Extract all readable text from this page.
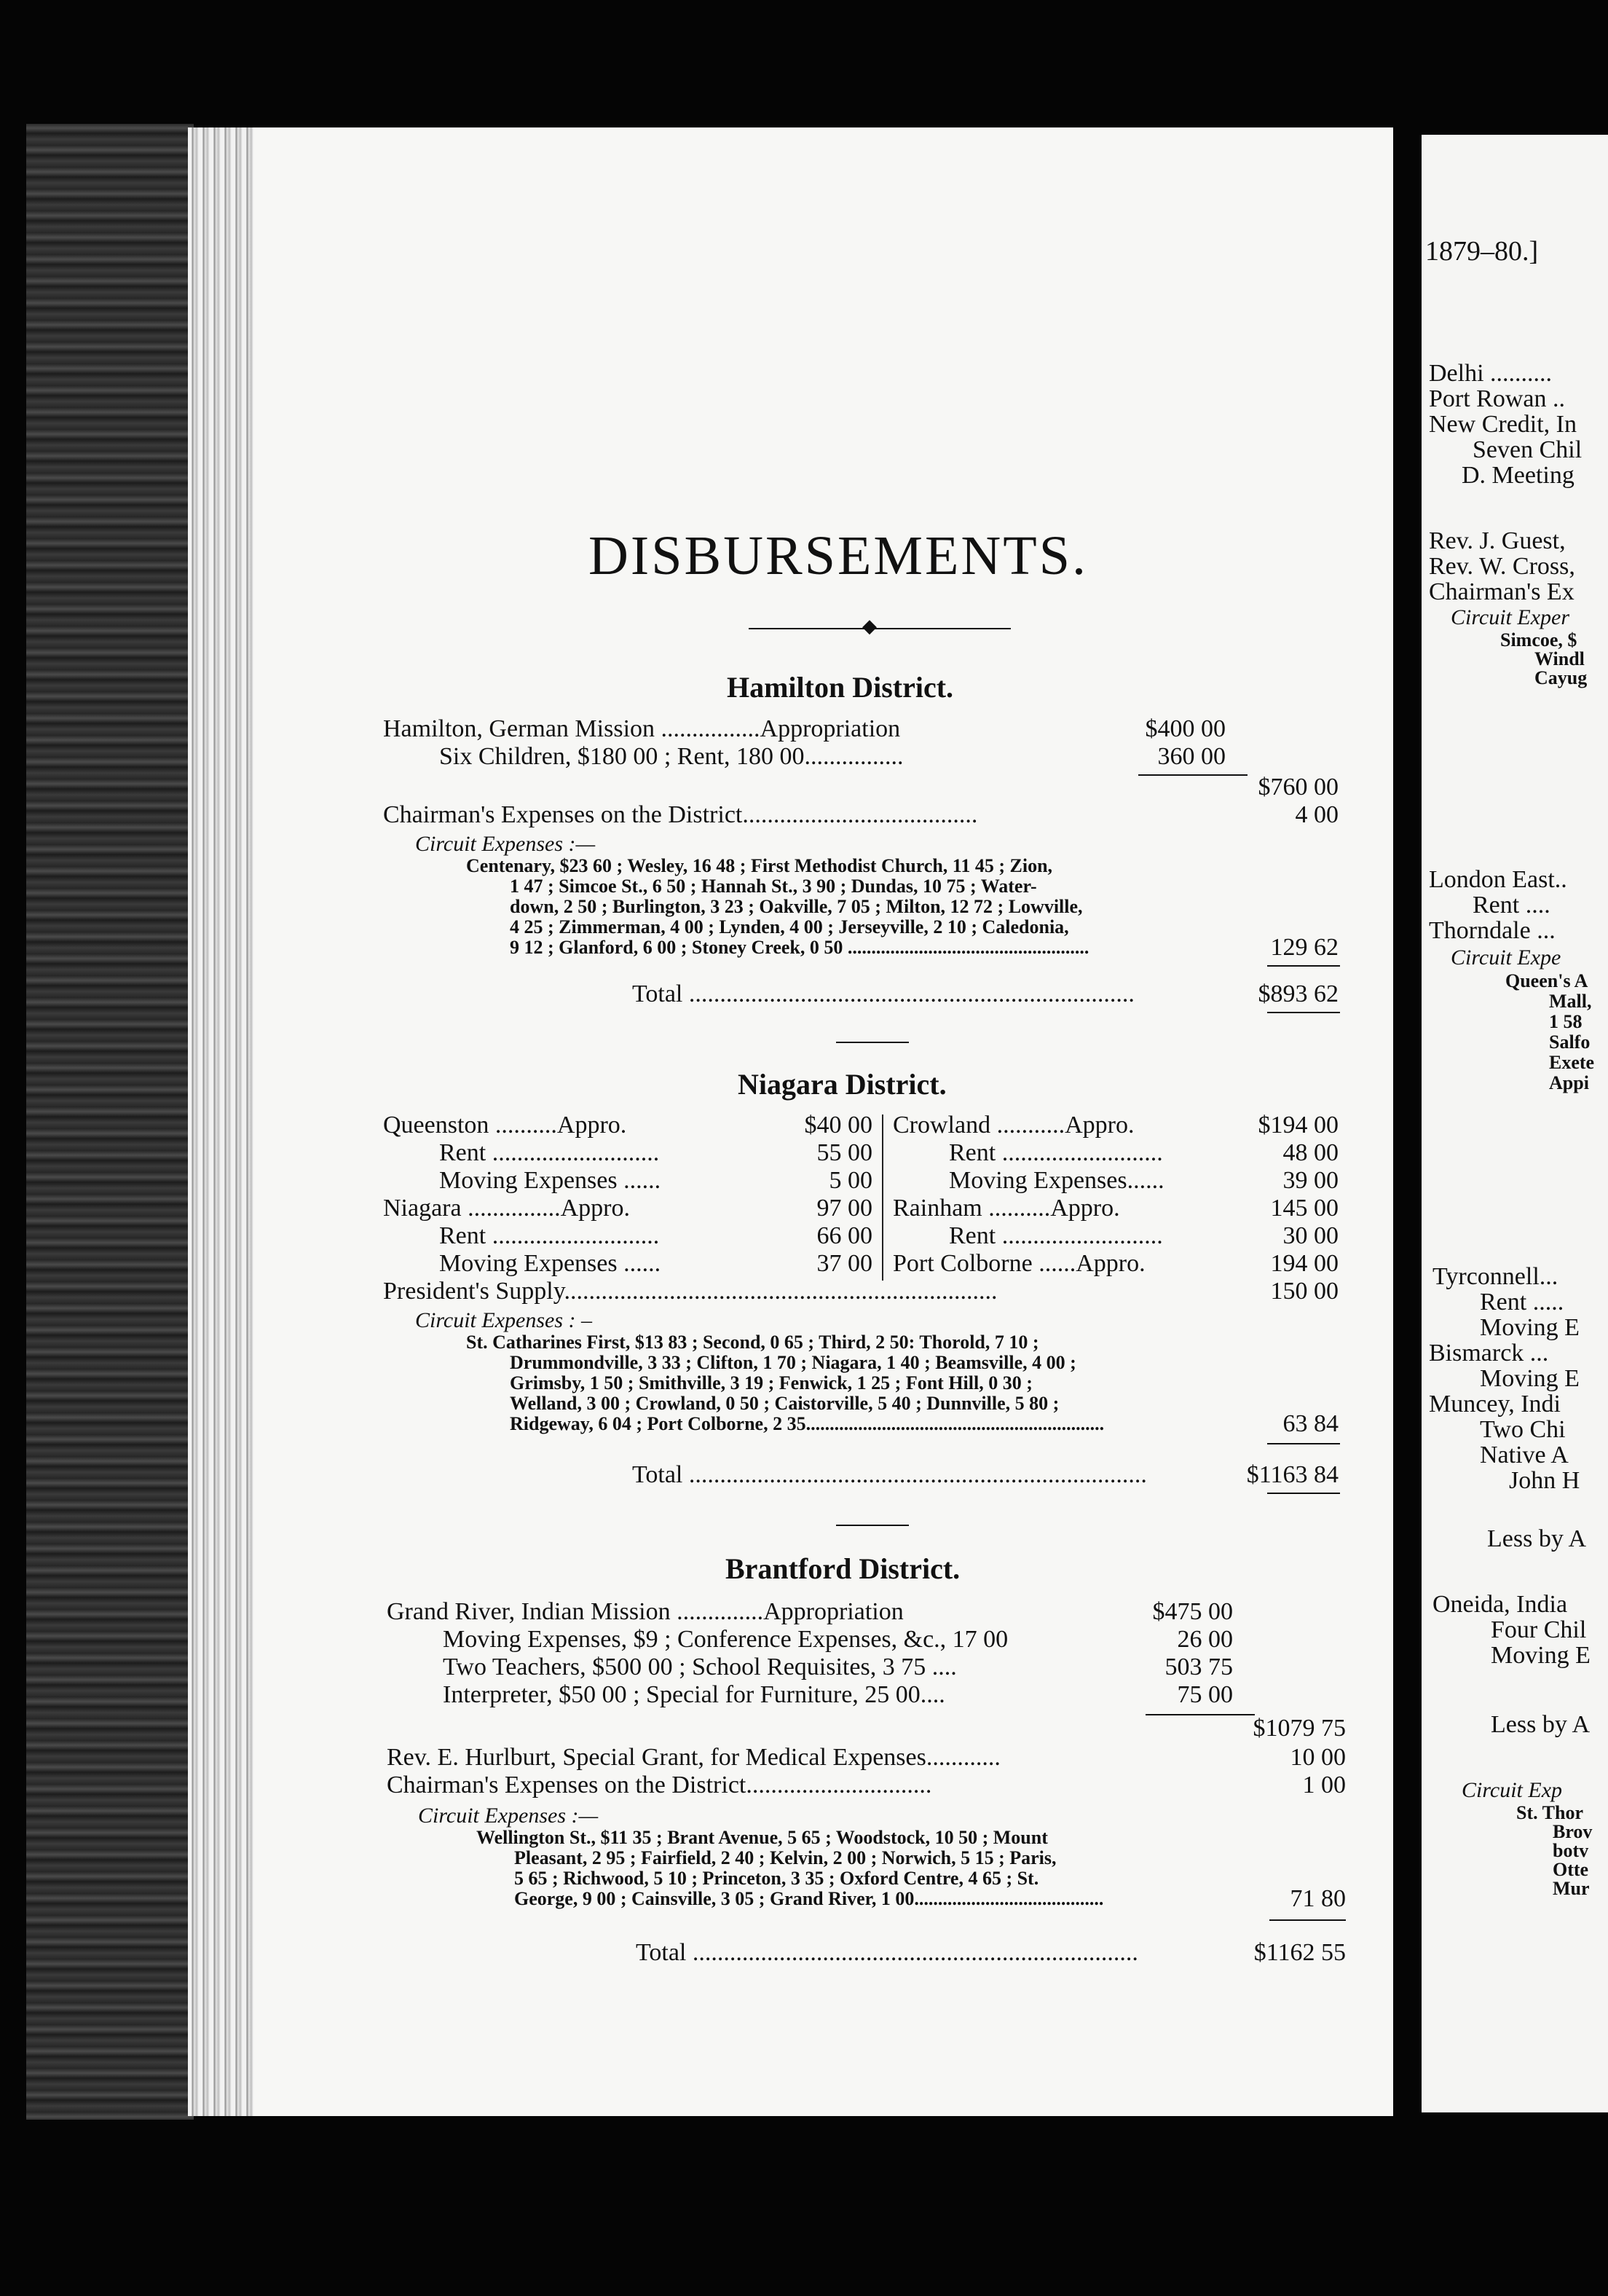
DISBURSEMENTS.
◆
Hamilton District.
Hamilton, German Mission ................Appropriation	$400 00
Six Children, $180 00 ; Rent, 180 00................	360 00
$760 00
Chairman's Expenses on the District......................................	4 00
Circuit Expenses :—
Centenary, $23 60 ; Wesley, 16 48 ; First Methodist Church, 11 45 ; Zion,
1 47 ; Simcoe St., 6 50 ; Hannah St., 3 90 ; Dundas, 10 75 ; Water-
down, 2 50 ; Burlington, 3 23 ; Oakville, 7 05 ; Milton, 12 72 ; Lowville,
4 25 ; Zimmerman, 4 00 ; Lynden, 4 00 ; Jerseyville, 2 10 ; Caledonia,
9 12 ; Glanford, 6 00 ; Stoney Creek, 0 50 ...................................................	129 62
Total ........................................................................	$893 62
Niagara District.
Queenston ..........Appro.	$40 00
Rent ...........................	55 00
Moving Expenses ......	5 00
Niagara ...............Appro.	97 00
Rent ...........................	66 00
Moving Expenses ......	37 00
Crowland ...........Appro.	$194 00
Rent ..........................	48 00
Moving Expenses......	39 00
Rainham ..........Appro.	145 00
Rent ..........................	30 00
Port Colborne ......Appro.	194 00
President's Supply......................................................................	150 00
Circuit Expenses : –
St. Catharines First, $13 83 ; Second, 0 65 ; Third, 2 50: Thorold, 7 10 ;
Drummondville, 3 33 ; Clifton, 1 70 ; Niagara, 1 40 ; Beamsville, 4 00 ;
Grimsby, 1 50 ; Smithville, 3 19 ; Fenwick, 1 25 ; Font Hill, 0 30 ;
Welland, 3 00 ; Crowland, 0 50 ; Caistorville, 5 40 ; Dunnville, 5 80 ;
Ridgeway, 6 04 ; Port Colborne, 2 35...............................................................	63 84
Total ..........................................................................	$1163 84
Brantford District.
Grand River, Indian Mission ..............Appropriation	$475 00
Moving Expenses, $9 ; Conference Expenses, &c., 17 00	26 00
Two Teachers, $500 00 ; School Requisites, 3 75 ....	503 75
Interpreter, $50 00 ; Special for Furniture, 25 00....	75 00
$1079 75
Rev. E. Hurlburt, Special Grant, for Medical Expenses............	10 00
Chairman's Expenses on the District..............................	1 00
Circuit Expenses :—
Wellington St., $11 35 ; Brant Avenue, 5 65 ; Woodstock, 10 50 ; Mount
Pleasant, 2 95 ; Fairfield, 2 40 ; Kelvin, 2 00 ; Norwich, 5 15 ; Paris,
5 65 ; Richwood, 5 10 ; Princeton, 3 35 ; Oxford Centre, 4 65 ; St.
George, 9 00 ; Cainsville, 3 05 ; Grand River, 1 00........................................	71 80
Total ........................................................................	$1162 55
1879–80.]
Delhi ..........
Port Rowan ..
New Credit, In
Seven Chil
D. Meeting
Rev. J. Guest,
Rev. W. Cross,
Chairman's Ex
Circuit Exper
Simcoe, $
Windl
Cayug
London East..
Rent ....
Thorndale ...
Circuit Expe
Queen's A
Mall,
1 58
Salfo
Exete
Appi
Tyrconnell...
Rent .....
Moving E
Bismarck ...
Moving E
Muncey, Indi
Two Chi
Native A
John H
Less by A
Oneida, India
Four Chil
Moving E
Less by A
Circuit Exp
St. Thor
Brov
botv
Otte
Mur
